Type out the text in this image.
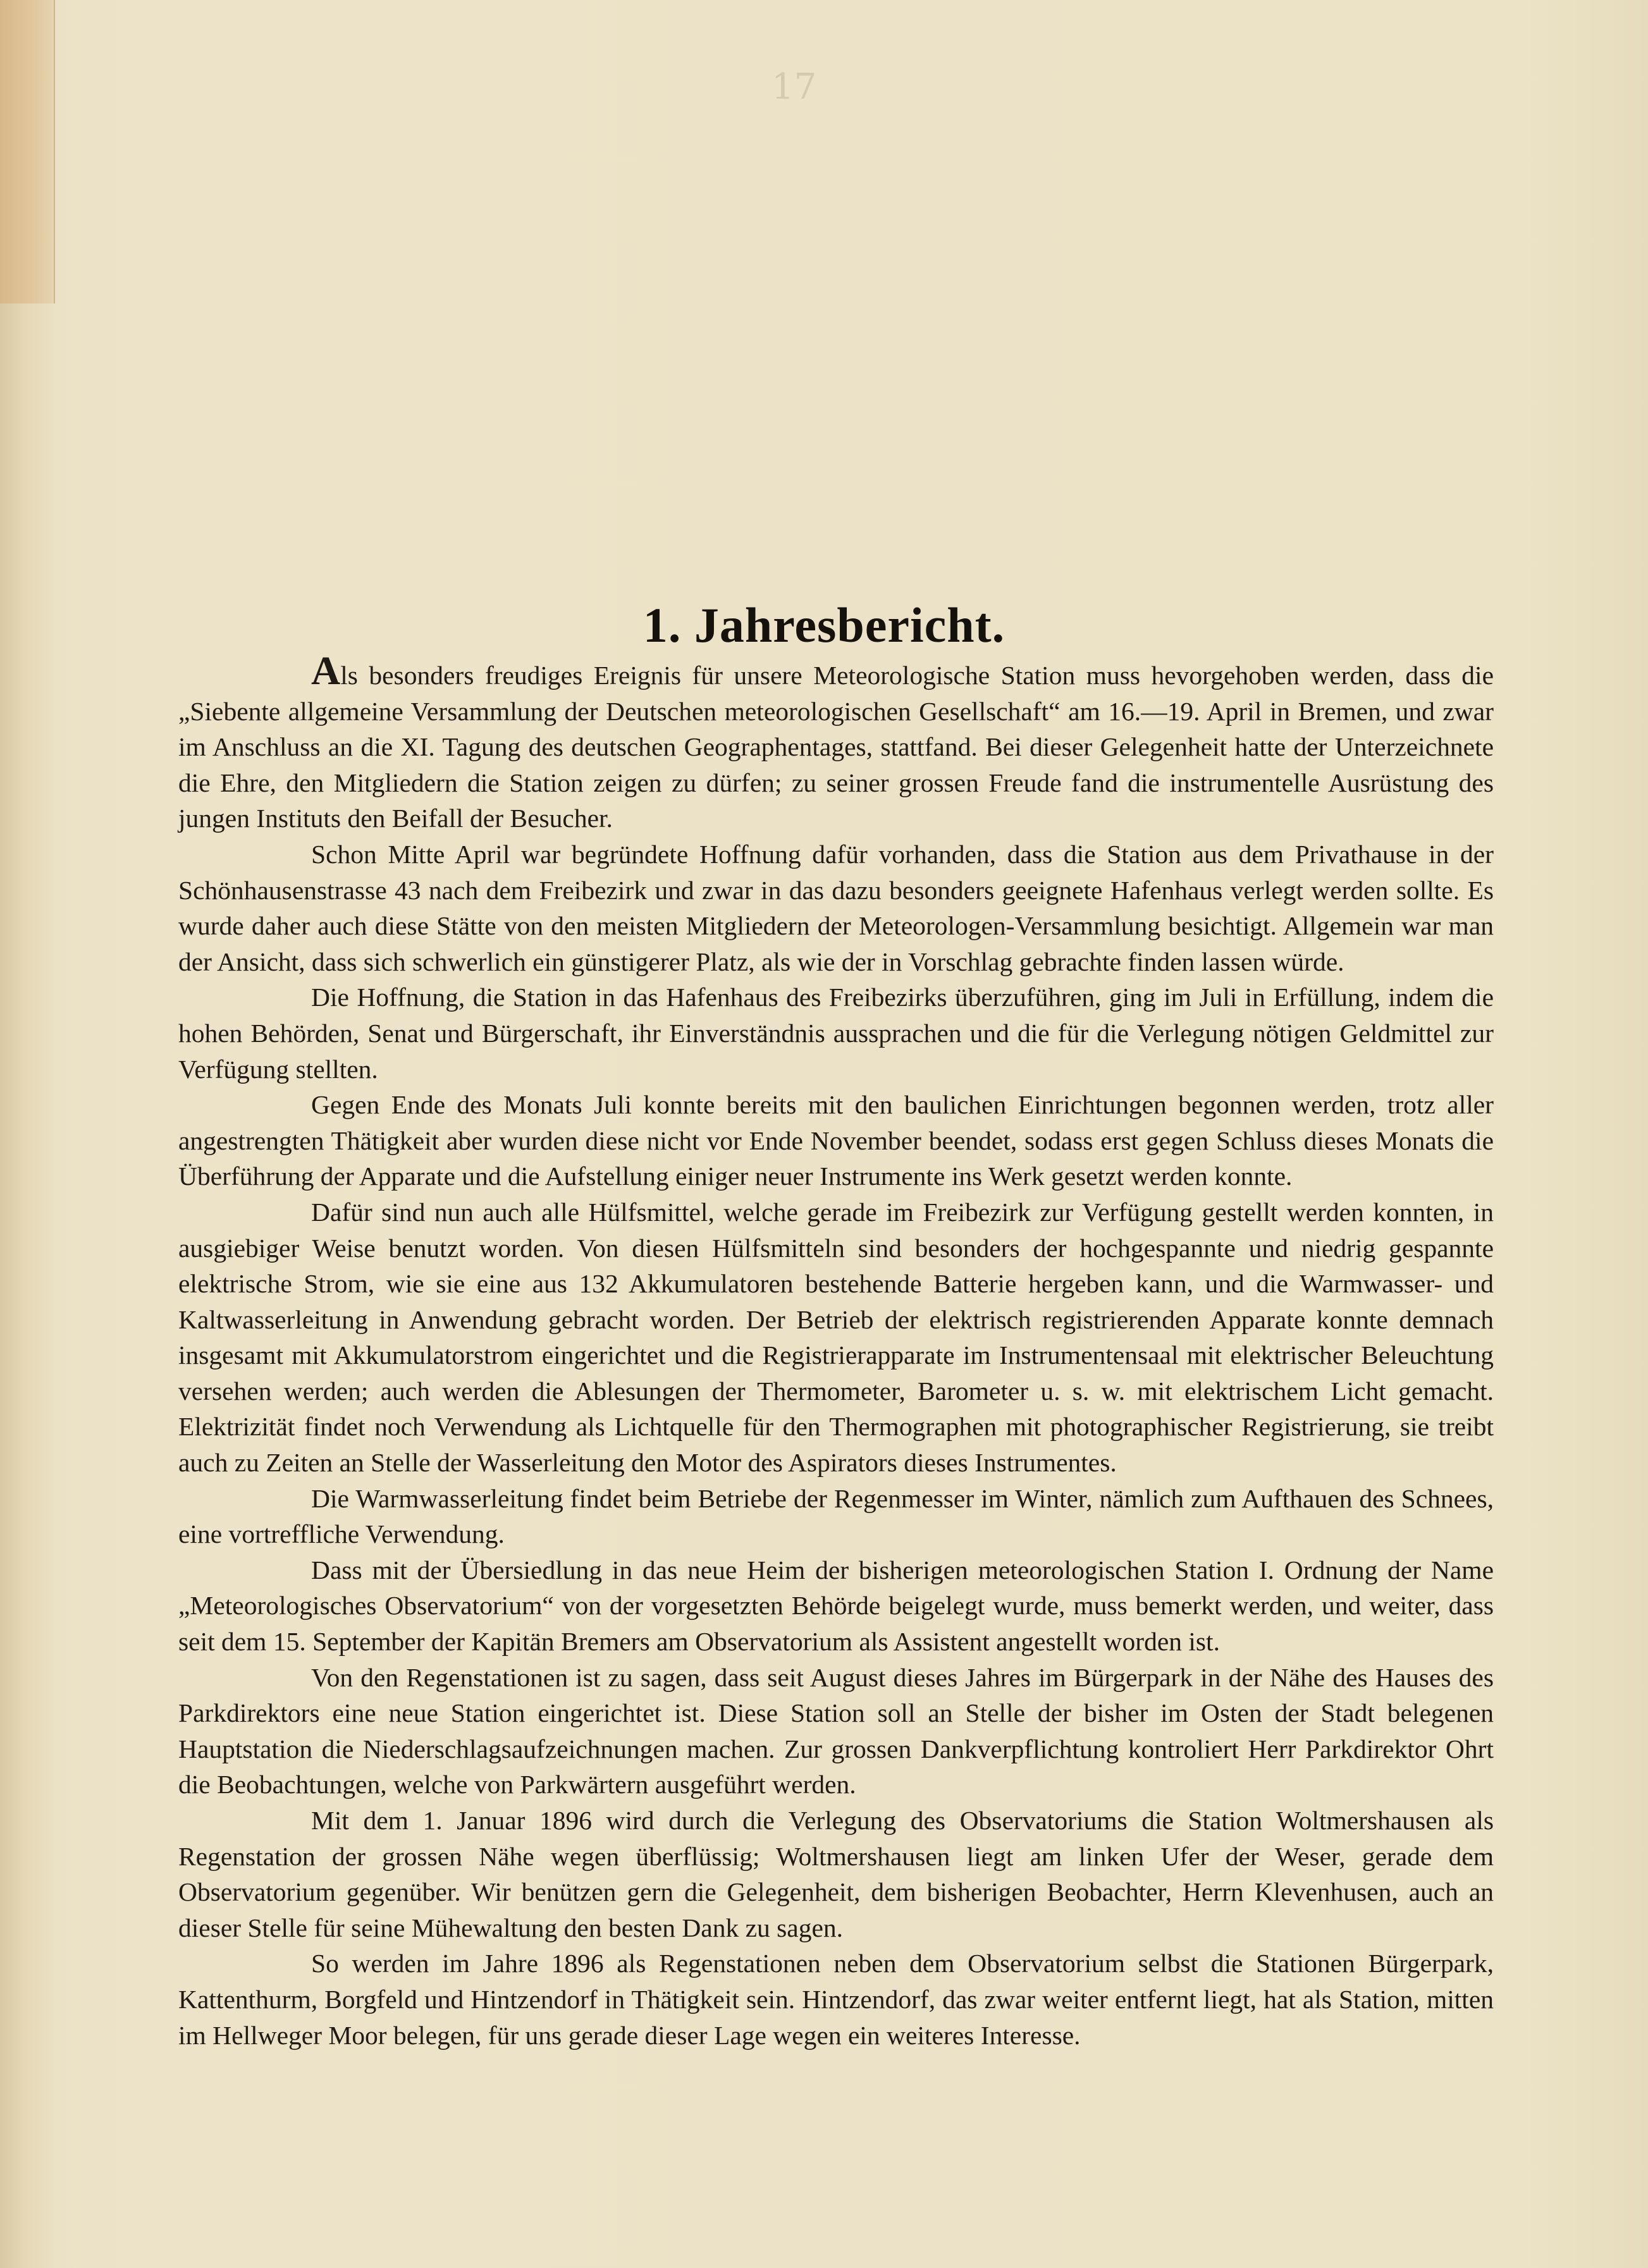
17
1. Jahresbericht.

Als besonders freudiges Ereignis für unsere Meteorologische Station muss hevorgehoben werden, dass die „Siebente allgemeine Versammlung der Deutschen meteorologischen Gesellschaft“ am 16.—19. April in Bremen, und zwar im Anschluss an die XI. Tagung des deutschen Geographentages, stattfand. Bei dieser Gelegenheit hatte der Unterzeichnete die Ehre, den Mitgliedern die Station zeigen zu dürfen; zu seiner grossen Freude fand die instrumentelle Ausrüstung des jungen Instituts den Beifall der Besucher.

Schon Mitte April war begründete Hoffnung dafür vorhanden, dass die Station aus dem Privathause in der Schönhausenstrasse 43 nach dem Freibezirk und zwar in das dazu besonders geeignete Hafenhaus verlegt werden sollte. Es wurde daher auch diese Stätte von den meisten Mitgliedern der Meteorologen-Versammlung besichtigt. Allgemein war man der Ansicht, dass sich schwerlich ein günstigerer Platz, als wie der in Vorschlag gebrachte finden lassen würde.

Die Hoffnung, die Station in das Hafenhaus des Freibezirks überzuführen, ging im Juli in Erfüllung, indem die hohen Behörden, Senat und Bürgerschaft, ihr Einverständnis aussprachen und die für die Verlegung nötigen Geldmittel zur Verfügung stellten.

Gegen Ende des Monats Juli konnte bereits mit den baulichen Einrichtungen begonnen werden, trotz aller angestrengten Thätigkeit aber wurden diese nicht vor Ende November beendet, sodass erst gegen Schluss dieses Monats die Überführung der Apparate und die Aufstellung einiger neuer Instrumente ins Werk gesetzt werden konnte.

Dafür sind nun auch alle Hülfsmittel, welche gerade im Freibezirk zur Verfügung gestellt werden konnten, in ausgiebiger Weise benutzt worden. Von diesen Hülfsmitteln sind besonders der hochgespannte und niedrig gespannte elektrische Strom, wie sie eine aus 132 Akkumulatoren bestehende Batterie hergeben kann, und die Warmwasser- und Kaltwasserleitung in Anwendung gebracht worden. Der Betrieb der elektrisch registrierenden Apparate konnte demnach insgesamt mit Akkumulatorstrom eingerichtet und die Registrierapparate im Instrumentensaal mit elektrischer Beleuchtung versehen werden; auch werden die Ablesungen der Thermometer, Barometer u. s. w. mit elektrischem Licht gemacht. Elektrizität findet noch Verwendung als Lichtquelle für den Thermographen mit photographischer Registrierung, sie treibt auch zu Zeiten an Stelle der Wasserleitung den Motor des Aspirators dieses Instrumentes.

Die Warmwasserleitung findet beim Betriebe der Regenmesser im Winter, nämlich zum Aufthauen des Schnees, eine vortreffliche Verwendung.

Dass mit der Übersiedlung in das neue Heim der bisherigen meteorologischen Station I. Ordnung der Name „Meteorologisches Observatorium“ von der vorgesetzten Behörde beigelegt wurde, muss bemerkt werden, und weiter, dass seit dem 15. September der Kapitän Bremers am Observatorium als Assistent angestellt worden ist.

Von den Regenstationen ist zu sagen, dass seit August dieses Jahres im Bürgerpark in der Nähe des Hauses des Parkdirektors eine neue Station eingerichtet ist. Diese Station soll an Stelle der bisher im Osten der Stadt belegenen Hauptstation die Niederschlagsaufzeichnungen machen. Zur grossen Dankverpflichtung kontroliert Herr Parkdirektor Ohrt die Beobachtungen, welche von Parkwärtern ausgeführt werden.

Mit dem 1. Januar 1896 wird durch die Verlegung des Observatoriums die Station Woltmershausen als Regenstation der grossen Nähe wegen überflüssig; Woltmershausen liegt am linken Ufer der Weser, gerade dem Observatorium gegenüber. Wir benützen gern die Gelegenheit, dem bisherigen Beobachter, Herrn Klevenhusen, auch an dieser Stelle für seine Mühewaltung den besten Dank zu sagen.

So werden im Jahre 1896 als Regenstationen neben dem Observatorium selbst die Stationen Bürgerpark, Kattenthurm, Borgfeld und Hintzendorf in Thätigkeit sein. Hintzendorf, das zwar weiter entfernt liegt, hat als Station, mitten im Hellweger Moor belegen, für uns gerade dieser Lage wegen ein weiteres Interesse.
